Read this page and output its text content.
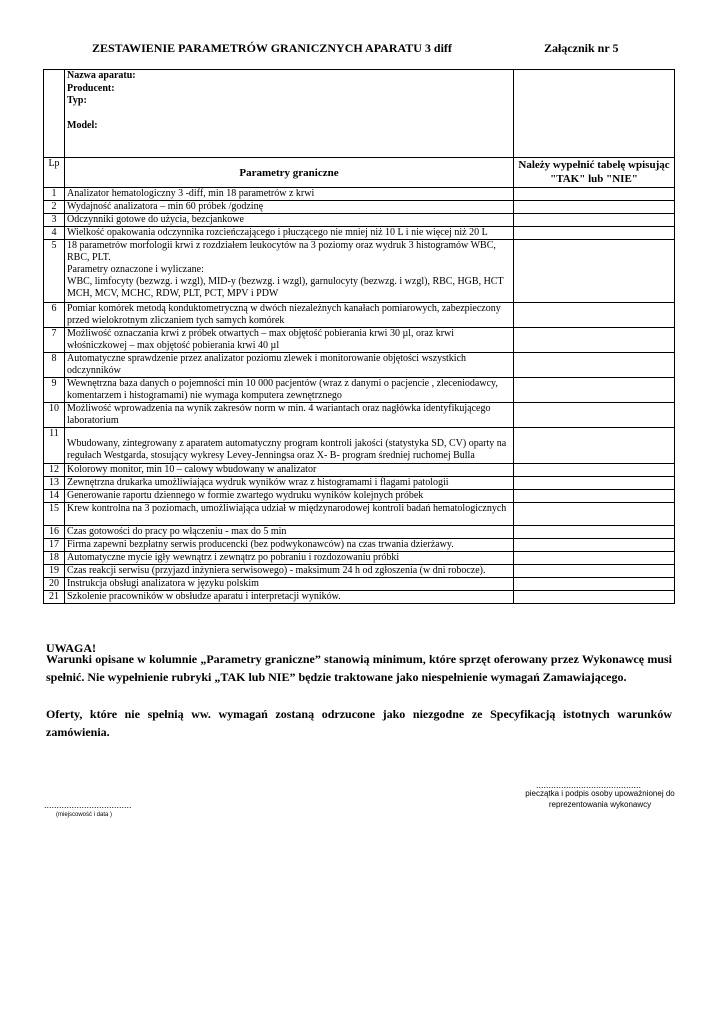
ZESTAWIENIE PARAMETRÓW GRANICZNYCH APARATU 3 diff	Załącznik nr 5

	Nazwa aparatu:
Producent:
Typ:
Model:	

Lp	Parametry graniczne	Należy wypełnić tabelę wpisując "TAK" lub "NIE"
1	Analizator hematologiczny 3 -diff, min 18 parametrów z krwi	
2	Wydajność analizatora – min 60 próbek /godzinę	
3	Odczynniki gotowe do użycia, bezcjankowe	
4	Wielkość opakowania odczynnika rozcieńczającego i płuczącego nie mniej niż 10 L i nie więcej niż 20 L	
5	18 parametrów morfologii krwi z rozdziałem leukocytów na 3 poziomy oraz wydruk 3 histogramów WBC, RBC, PLT.
Parametry oznaczone i wyliczane:
WBC, limfocyty (bezwzg. i wzgl), MID-y (bezwzg. i wzgl), garnulocyty (bezwzg. i wzgl), RBC, HGB, HCT MCH, MCV, MCHC, RDW, PLT, PCT, MPV i PDW	
6	Pomiar komórek metodą konduktometryczną w dwóch niezależnych kanałach pomiarowych, zabezpieczony przed wielokrotnym zliczaniem tych samych komórek	
7	Możliwość oznaczania krwi z próbek otwartych – max objętość pobierania krwi 30 µl, oraz krwi włośniczkowej – max objętość pobierania krwi 40 µl	
8	Automatyczne sprawdzenie przez analizator poziomu zlewek i monitorowanie objętości wszystkich odczynników	
9	Wewnętrzna baza danych o pojemności min 10 000 pacjentów (wraz z danymi o pacjencie , zleceniodawcy, komentarzem i histogramami) nie wymaga komputera zewnętrznego	
10	Możliwość wprowadzenia na wynik zakresów norm w min. 4 wariantach oraz nagłówka identyfikującego laboratorium	
11	Wbudowany, zintegrowany z aparatem automatyczny program kontroli jakości (statystyka SD, CV) oparty na regułach Westgarda, stosujący wykresy Levey-Jenningsa oraz X- B- program średniej ruchomej Bulla	
12	Kolorowy monitor, min 10 – calowy wbudowany w analizator	
13	Zewnętrzna drukarka umożliwiająca wydruk wyników wraz z histogramami i flagami patologii	
14	Generowanie raportu dziennego w formie zwartego wydruku wyników kolejnych próbek	
15	Krew kontrolna na 3 poziomach, umożliwiająca udział w międzynarodowej kontroli badań hematologicznych	
16	Czas gotowości do pracy po włączeniu - max do 5 min	
17	Firma zapewni bezpłatny serwis producencki (bez podwykonawców) na czas trwania dzierżawy.	
18	Automatyczne mycie igły wewnątrz i zewnątrz po pobraniu i rozdozowaniu próbki	
19	Czas reakcji serwisu (przyjazd inżyniera serwisowego) - maksimum 24 h od zgłoszenia (w dni robocze).	
20	Instrukcja obsługi analizatora w języku polskim	
21	Szkolenie pracowników w obsłudze aparatu i interpretacji wyników.	
UWAGA!
Warunki opisane w kolumnie „Parametry graniczne” stanowią minimum, które sprzęt oferowany przez Wykonawcę musi spełnić. Nie wypełnienie rubryki „TAK lub NIE” będzie traktowane jako niespełnienie wymagań Zamawiającego.
Oferty, które nie spełnią ww. wymagań zostaną odrzucone jako niezgodne ze Specyfikacją istotnych warunków zamówienia.
..........................................
pieczątka i podpis osoby upoważnionej do reprezentowania wykonawcy
...................................
(miejscowość i data )
